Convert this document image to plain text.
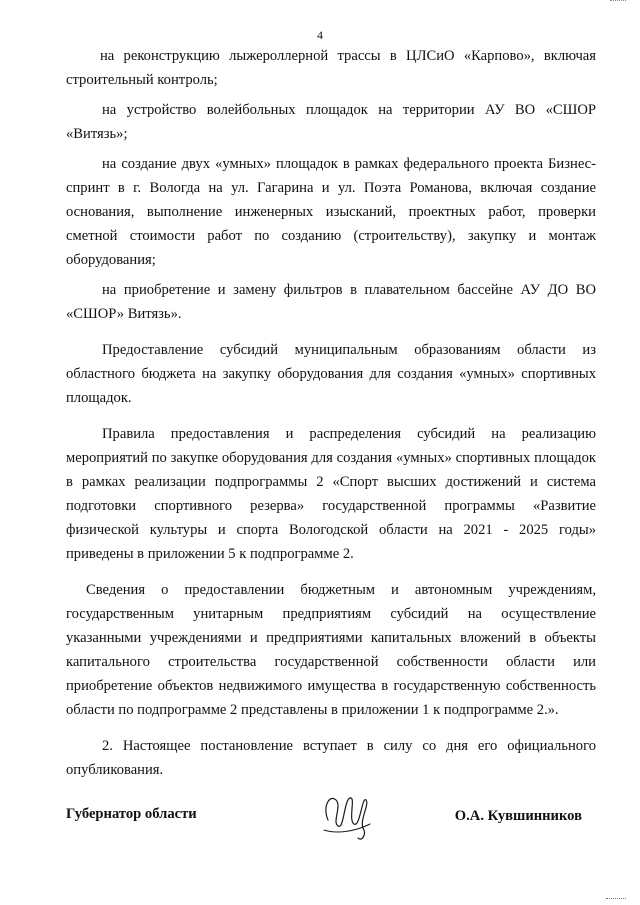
4

на реконструкцию лыжероллерной трассы в ЦЛСиО «Карпово», включая строительный контроль;

на устройство волейбольных площадок на территории АУ ВО «СШОР «Витязь»;

на создание двух «умных» площадок в рамках федерального проекта Бизнес-спринт в г. Вологда на ул. Гагарина и ул. Поэта Романова, включая создание основания, выполнение инженерных изысканий, проектных работ, проверки сметной стоимости работ по созданию (строительству), закупку и монтаж оборудования;

на приобретение и замену фильтров в плавательном бассейне АУ ДО ВО «СШОР» Витязь».

Предоставление субсидий муниципальным образованиям области из областного бюджета на закупку оборудования для создания «умных» спортивных площадок.

Правила предоставления и распределения субсидий на реализацию мероприятий по закупке оборудования для создания «умных» спортивных площадок в рамках реализации подпрограммы 2 «Спорт высших достижений и система подготовки спортивного резерва» государственной программы «Развитие физической культуры и спорта Вологодской области на 2021 - 2025 годы» приведены в приложении 5 к подпрограмме 2.

Сведения о предоставлении бюджетным и автономным учреждениям, государственным унитарным предприятиям субсидий на осуществление указанными учреждениями и предприятиями капитальных вложений в объекты капитального строительства государственной собственности области или приобретение объектов недвижимого имущества в государственную собственность области по подпрограмме 2 представлены в приложении 1 к подпрограмме 2.».

2. Настоящее постановление вступает в силу со дня его официального опубликования.

Губернатор области	О.А. Кувшинников
